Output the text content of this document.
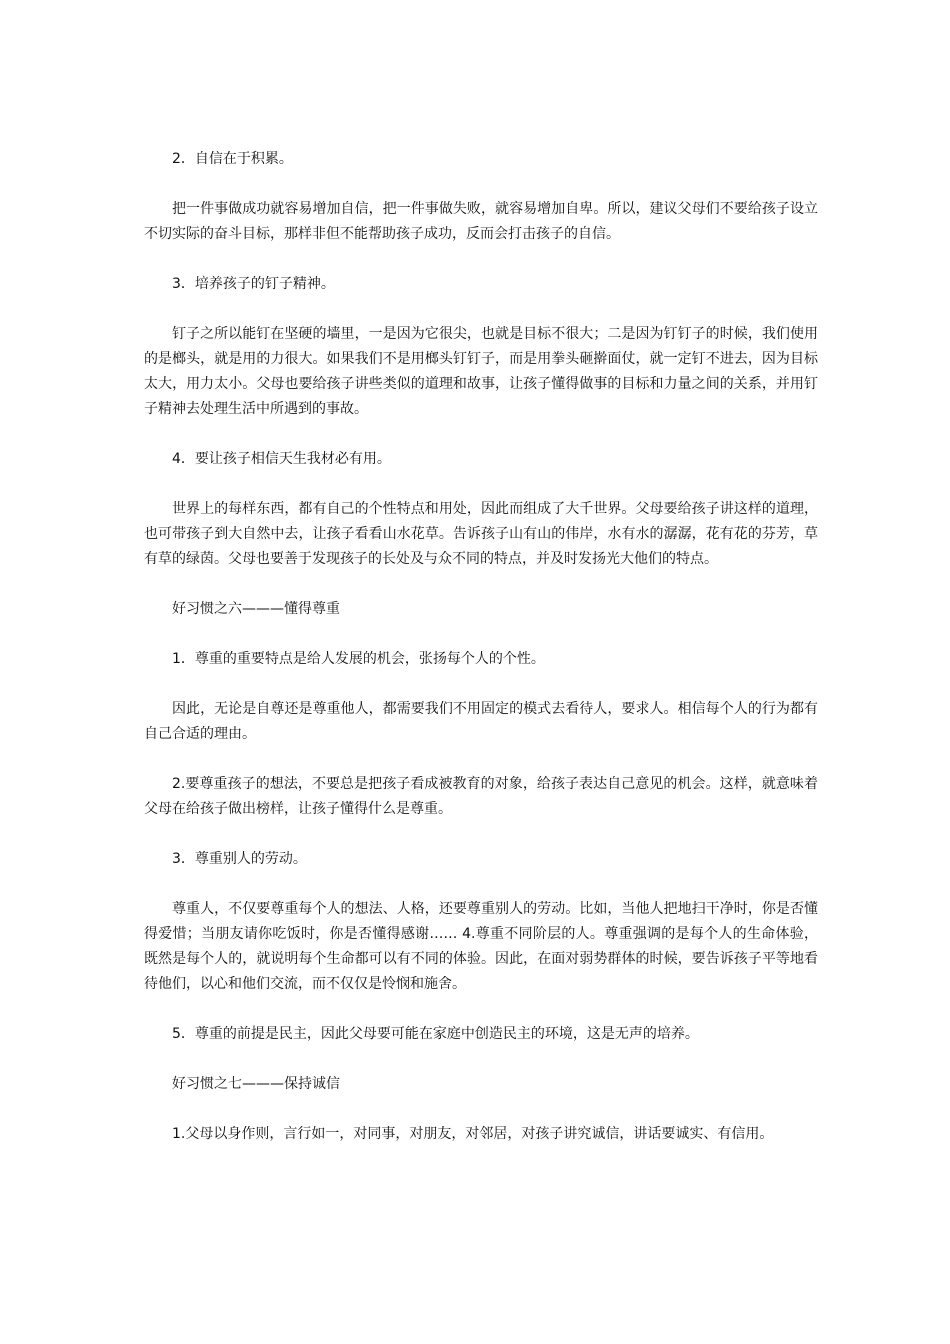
2．自信在于积累。

把一件事做成功就容易增加自信，把一件事做失败，就容易增加自卑。所以，建议父母们不要给孩子设立不切实际的奋斗目标，那样非但不能帮助孩子成功，反而会打击孩子的自信。

3．培养孩子的钉子精神。

钉子之所以能钉在坚硬的墙里，一是因为它很尖，也就是目标不很大；二是因为钉钉子的时候，我们使用的是榔头，就是用的力很大。如果我们不是用榔头钉钉子，而是用拳头砸擀面仗，就一定钉不进去，因为目标太大，用力太小。父母也要给孩子讲些类似的道理和故事，让孩子懂得做事的目标和力量之间的关系，并用钉子精神去处理生活中所遇到的事故。

4．要让孩子相信天生我材必有用。

世界上的每样东西，都有自己的个性特点和用处，因此而组成了大千世界。父母要给孩子讲这样的道理，也可带孩子到大自然中去，让孩子看看山水花草。告诉孩子山有山的伟岸，水有水的潺潺，花有花的芬芳，草有草的绿茵。父母也要善于发现孩子的长处及与众不同的特点，并及时发扬光大他们的特点。

好习惯之六———懂得尊重

1．尊重的重要特点是给人发展的机会，张扬每个人的个性。

因此，无论是自尊还是尊重他人，都需要我们不用固定的模式去看待人，要求人。相信每个人的行为都有自己合适的理由。

2.要尊重孩子的想法，不要总是把孩子看成被教育的对象，给孩子表达自己意见的机会。这样，就意味着父母在给孩子做出榜样，让孩子懂得什么是尊重。

3．尊重别人的劳动。

尊重人，不仅要尊重每个人的想法、人格，还要尊重别人的劳动。比如，当他人把地扫干净时，你是否懂得爱惜；当朋友请你吃饭时，你是否懂得感谢…… 4.尊重不同阶层的人。尊重强调的是每个人的生命体验，既然是每个人的，就说明每个生命都可以有不同的体验。因此，在面对弱势群体的时候，要告诉孩子平等地看待他们，以心和他们交流，而不仅仅是怜悯和施舍。

5．尊重的前提是民主，因此父母要可能在家庭中创造民主的环境，这是无声的培养。

好习惯之七———保持诚信

1.父母以身作则，言行如一，对同事，对朋友，对邻居，对孩子讲究诚信，讲话要诚实、有信用。
